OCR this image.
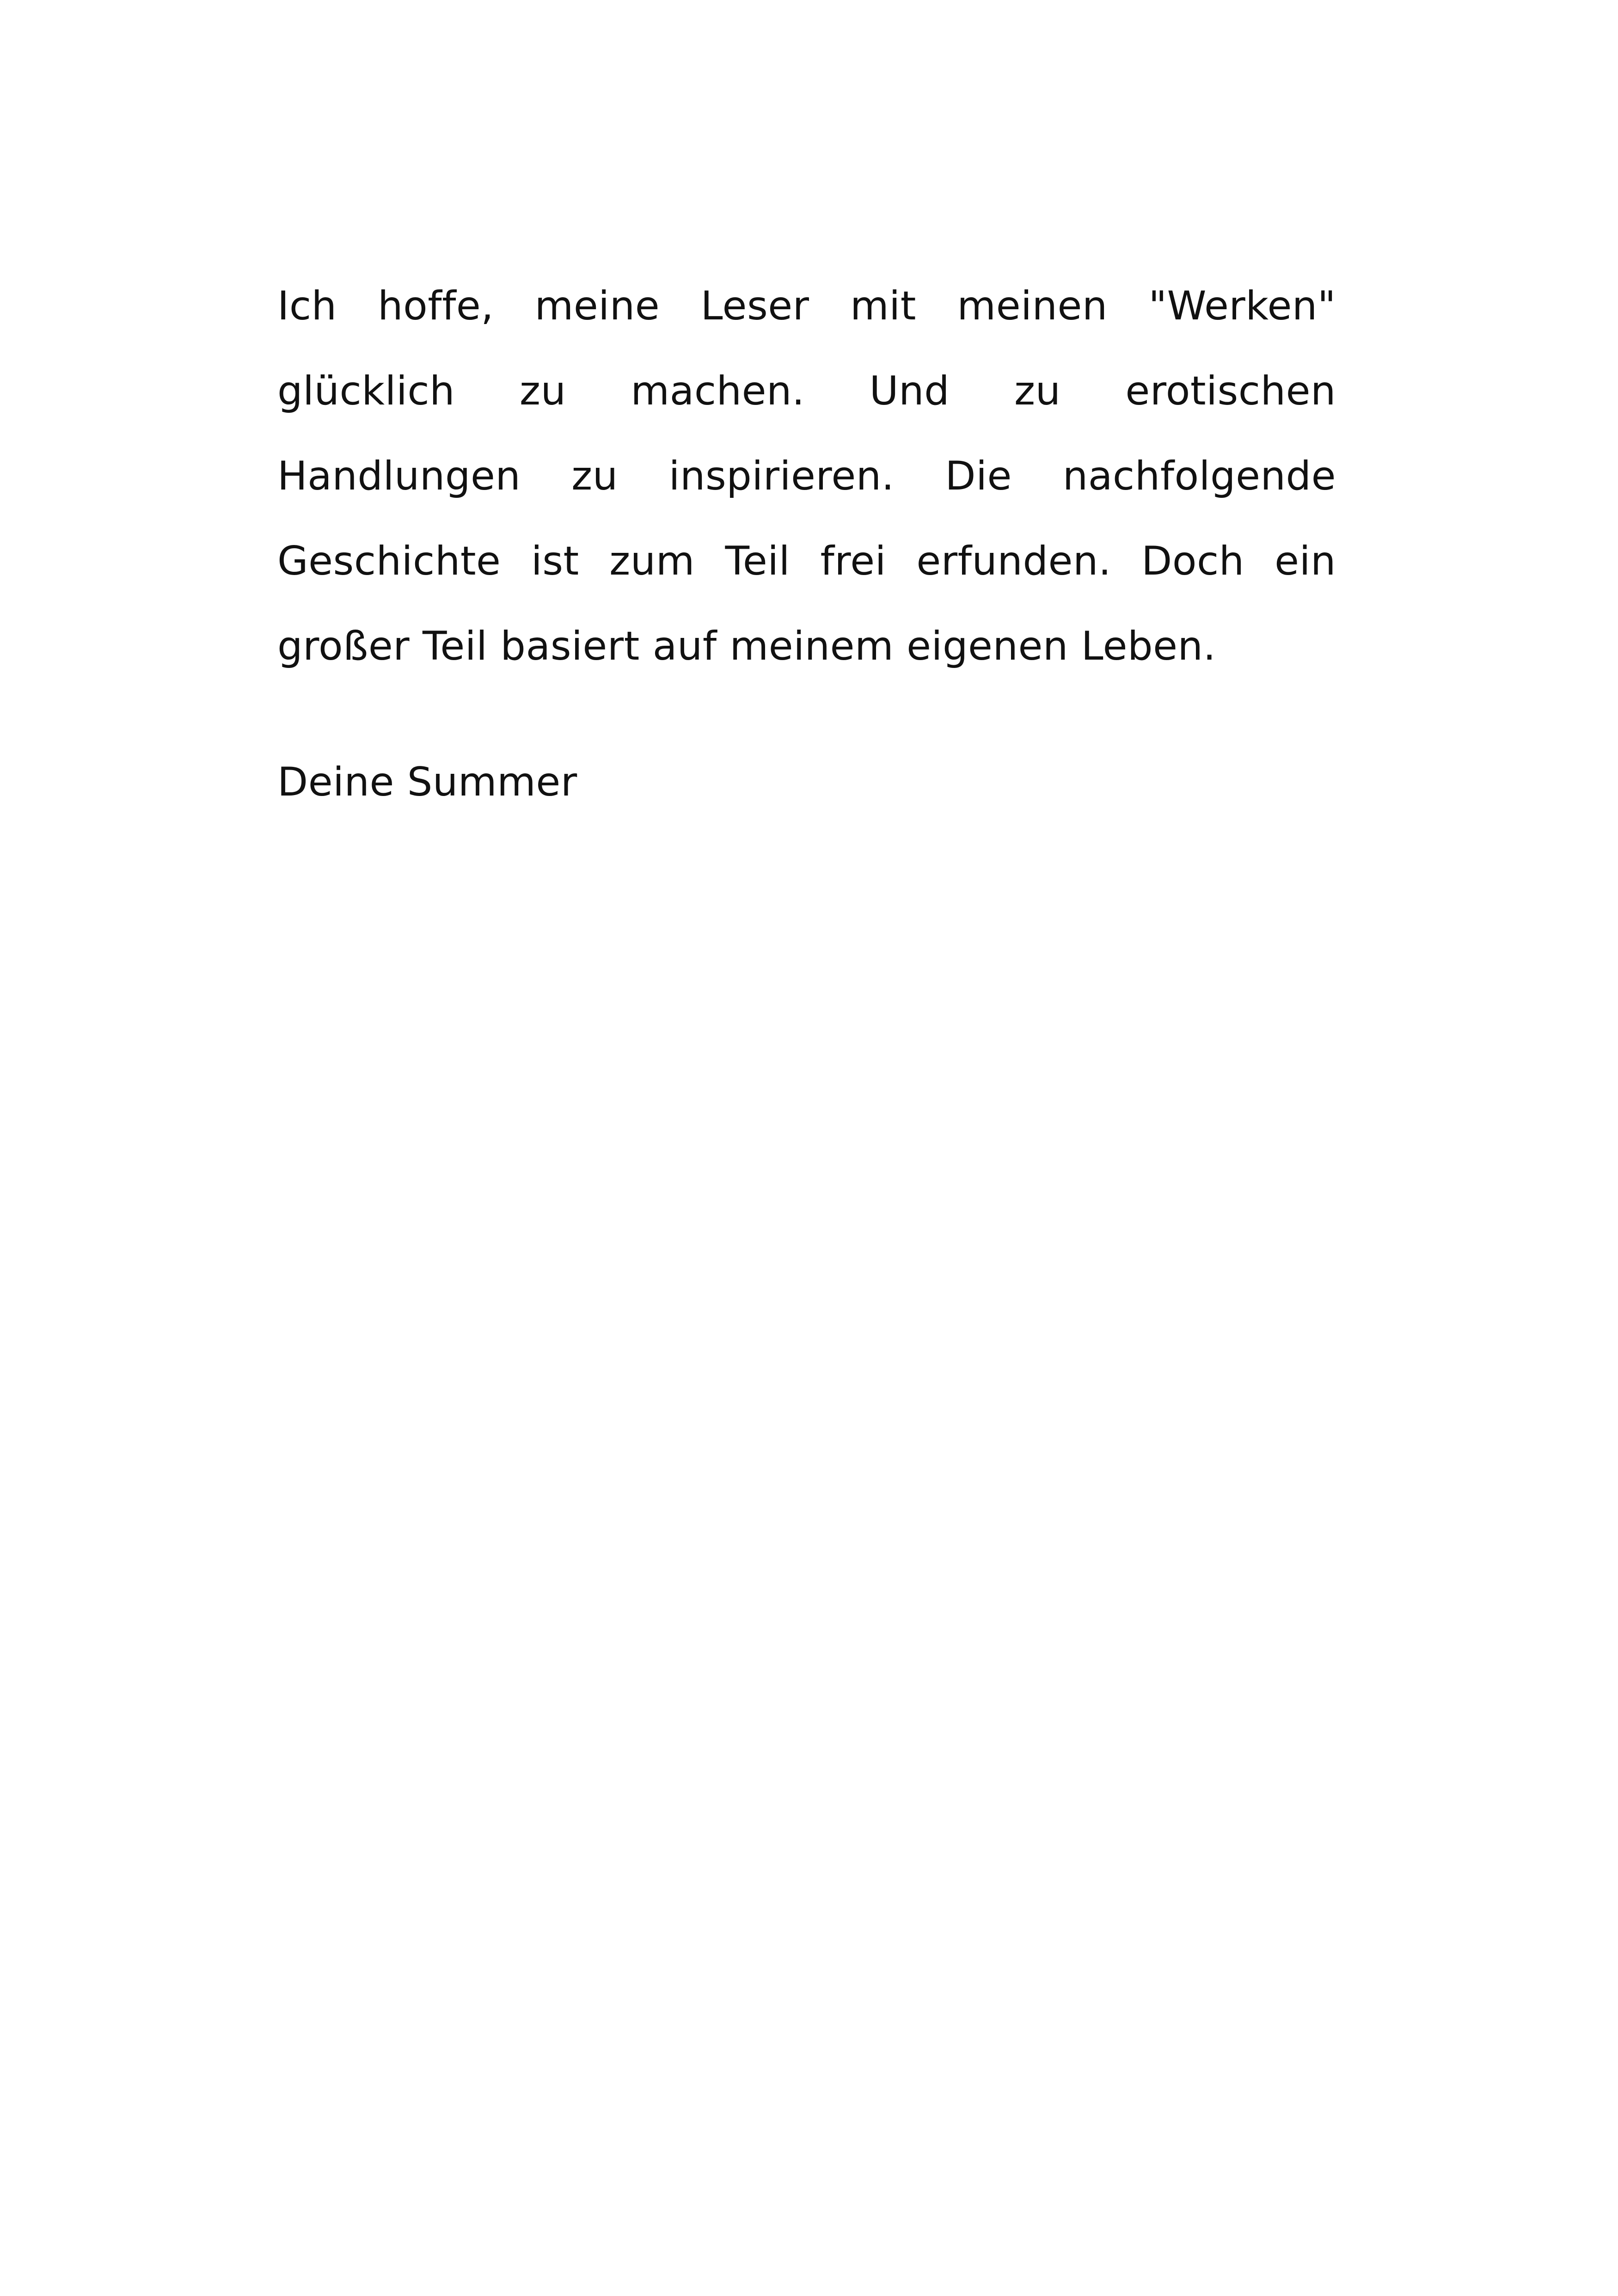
Ich hoffe, meine Leser mit meinen "Werken"
glücklich zu machen. Und zu erotischen
Handlungen zu inspirieren. Die nachfolgende
Geschichte ist zum Teil frei erfunden. Doch ein
großer Teil basiert auf meinem eigenen Leben.
Deine Summer
